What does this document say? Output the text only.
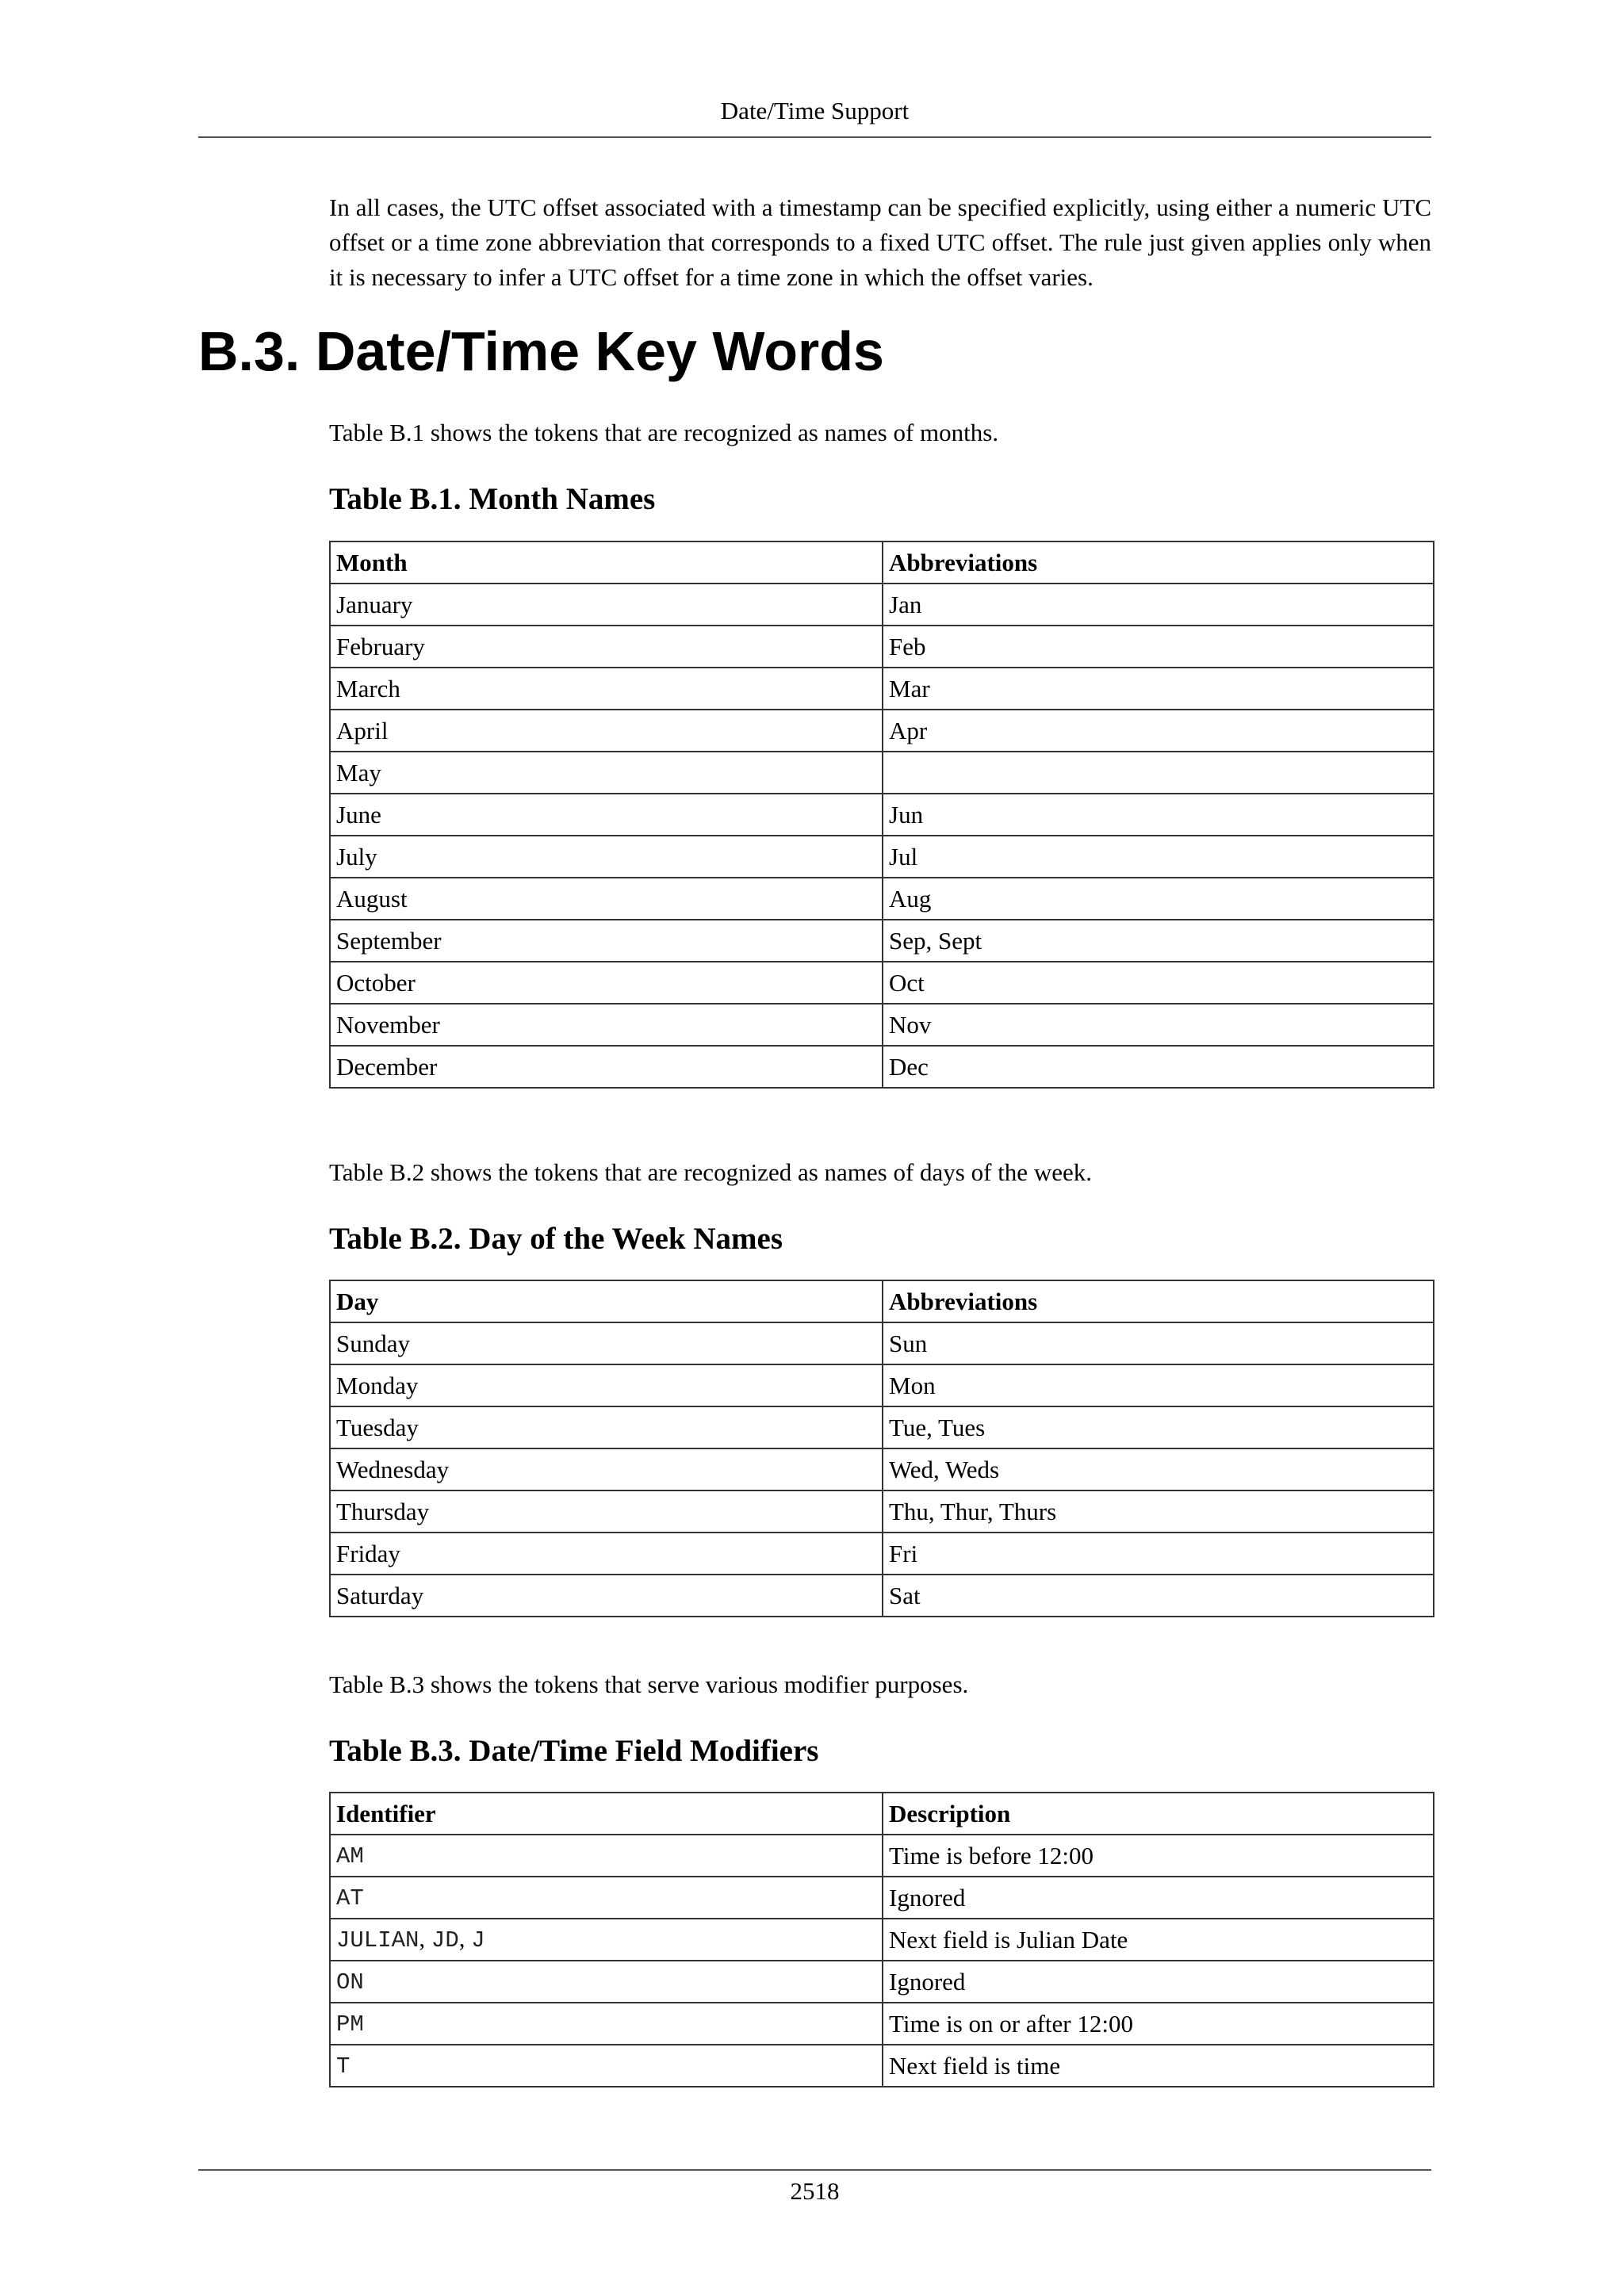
Date/Time Support

In all cases, the UTC offset associated with a timestamp can be specified explicitly, using either a numeric UTC offset or a time zone abbreviation that corresponds to a fixed UTC offset. The rule just given applies only when it is necessary to infer a UTC offset for a time zone in which the offset varies.

B.3. Date/Time Key Words

Table B.1 shows the tokens that are recognized as names of months.

Table B.1. Month Names
Month	Abbreviations
January	Jan
February	Feb
March	Mar
April	Apr
May	
June	Jun
July	Jul
August	Aug
September	Sep, Sept
October	Oct
November	Nov
December	Dec

Table B.2 shows the tokens that are recognized as names of days of the week.

Table B.2. Day of the Week Names
Day	Abbreviations
Sunday	Sun
Monday	Mon
Tuesday	Tue, Tues
Wednesday	Wed, Weds
Thursday	Thu, Thur, Thurs
Friday	Fri
Saturday	Sat

Table B.3 shows the tokens that serve various modifier purposes.

Table B.3. Date/Time Field Modifiers
Identifier	Description
AM	Time is before 12:00
AT	Ignored
JULIAN, JD, J	Next field is Julian Date
ON	Ignored
PM	Time is on or after 12:00
T	Next field is time
2518
